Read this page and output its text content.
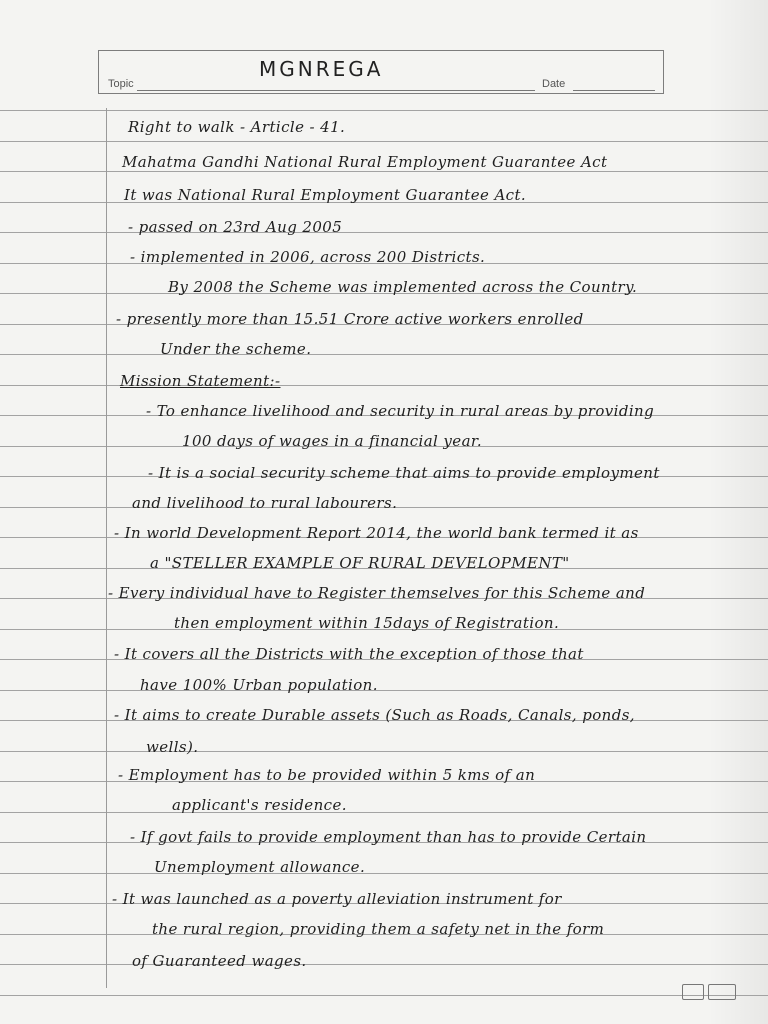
Topic
MGNREGA
Date
Right to walk - Article - 41.
Mahatma Gandhi National Rural Employment Guarantee Act
It was National Rural Employment Guarantee Act.
- passed on 23rd Aug 2005
- implemented in 2006, across 200 Districts.
By 2008 the Scheme was implemented across the Country.
- presently more than 15.51 Crore active workers enrolled
Under the scheme.
Mission Statement:-
- To enhance livelihood and security in rural areas by providing
100 days of wages in a financial year.
- It is a social security scheme that aims to provide employment
and livelihood to rural labourers.
- In world Development Report 2014, the world bank termed it as
a "STELLER EXAMPLE OF RURAL DEVELOPMENT"
- Every individual have to Register themselves for this Scheme and
then employment within 15days of Registration.
- It covers all the Districts with the exception of those that
have 100% Urban population.
- It aims to create Durable assets (Such as Roads, Canals, ponds,
wells).
- Employment has to be provided within 5 kms of an
applicant's residence.
- If govt fails to provide employment than has to provide Certain
Unemployment allowance.
- It was launched as a poverty alleviation instrument for
the rural region, providing them a safety net in the form
of Guaranteed wages.
